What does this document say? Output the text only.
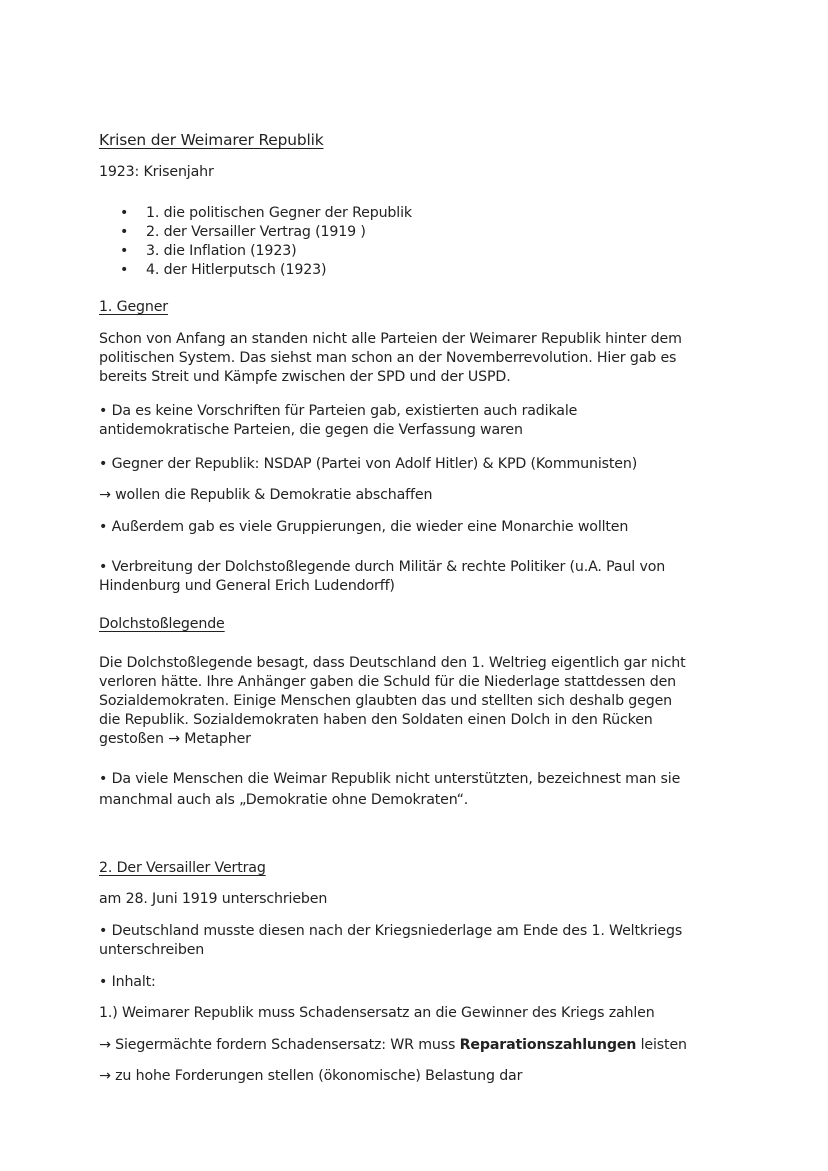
Krisen der Weimarer Republik
1923: Krisenjahr
• 1. die politischen Gegner der Republik
• 2. der Versailler Vertrag (1919 )
• 3. die Inflation (1923)
• 4. der Hitlerputsch (1923)
1. Gegner
Schon von Anfang an standen nicht alle Parteien der Weimarer Republik hinter dem
politischen System. Das siehst man schon an der Novemberrevolution. Hier gab es
bereits Streit und Kämpfe zwischen der SPD und der USPD.
• Da es keine Vorschriften für Parteien gab, existierten auch radikale
antidemokratische Parteien, die gegen die Verfassung waren
• Gegner der Republik: NSDAP (Partei von Adolf Hitler) & KPD (Kommunisten)
→ wollen die Republik & Demokratie abschaffen
• Außerdem gab es viele Gruppierungen, die wieder eine Monarchie wollten
• Verbreitung der Dolchstoßlegende durch Militär & rechte Politiker (u.A. Paul von
Hindenburg und General Erich Ludendorff)
Dolchstoßlegende
Die Dolchstoßlegende besagt, dass Deutschland den 1. Weltrieg eigentlich gar nicht
verloren hätte. Ihre Anhänger gaben die Schuld für die Niederlage stattdessen den
Sozialdemokraten. Einige Menschen glaubten das und stellten sich deshalb gegen
die Republik. Sozialdemokraten haben den Soldaten einen Dolch in den Rücken
gestoßen → Metapher
• Da viele Menschen die Weimar Republik nicht unterstützten, bezeichnest man sie
manchmal auch als „Demokratie ohne Demokraten“.
2. Der Versailler Vertrag
am 28. Juni 1919 unterschrieben
• Deutschland musste diesen nach der Kriegsniederlage am Ende des 1. Weltkriegs
unterschreiben
• Inhalt:
1.) Weimarer Republik muss Schadensersatz an die Gewinner des Kriegs zahlen
→ Siegermächte fordern Schadensersatz: WR muss Reparationszahlungen leisten
→ zu hohe Forderungen stellen (ökonomische) Belastung dar
